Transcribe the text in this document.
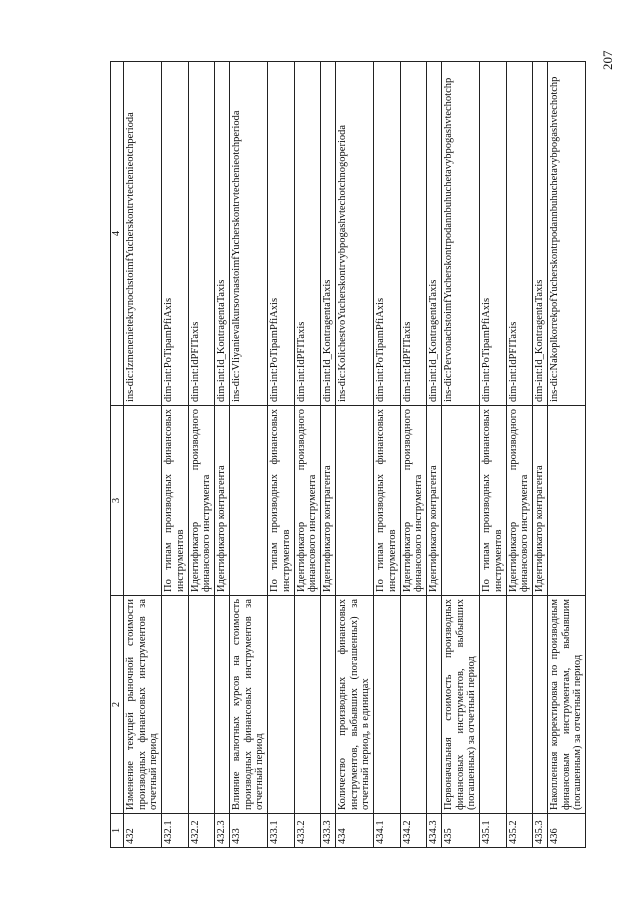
207
1	2	3	4
432	Изменение текущей рыночной стоимости производных финансовых инструментов за отчетный период		ins-dic:IzmenenietekrynochstoimfYucherskontrvtechenieotchperioda
432.1		По типам производных финансовых инструментов	dim-int:PoTipamPfiAxis
432.2		Идентификатор производного финансового инструмента	dim-int:IdPFITaxis
432.3		Идентификатор контрагента	dim-int:Id_KontragentaTaxis
433	Влияние валютных курсов на стоимость производных финансовых инструментов за отчетный период		ins-dic:VliyanievalkursovnastoimfYucherskontrvtechenieotchperioda
433.1		По типам производных финансовых инструментов	dim-int:PoTipamPfiAxis
433.2		Идентификатор производного финансового инструмента	dim-int:IdPFITaxis
433.3		Идентификатор контрагента	dim-int:Id_KontragentaTaxis
434	Количество производных финансовых инструментов, выбывших (погашенных) за отчетный период, в единицах		ins-dic:KolichestvoYucherskontrvybpogashvtechotchnogoperioda
434.1		По типам производных финансовых инструментов	dim-int:PoTipamPfiAxis
434.2		Идентификатор производного финансового инструмента	dim-int:IdPFITaxis
434.3		Идентификатор контрагента	dim-int:Id_KontragentaTaxis
435	Первоначальная стоимость производных финансовых инструментов, выбывших (погашенных) за отчетный период		ins-dic:PervonachstoimfYucherskontrpodannbuhuchetavybpogashvtechotchp
435.1		По типам производных финансовых инструментов	dim-int:PoTipamPfiAxis
435.2		Идентификатор производного финансового инструмента	dim-int:IdPFITaxis
435.3		Идентификатор контрагента	dim-int:Id_KontragentaTaxis
436	Накопленная корректировка по производным финансовым инструментам, выбывшим (погашенным) за отчетный период		ins-dic:NakoplkorrekpofYucherskontrpodannbuhuchetavybpogashvtechotchp
